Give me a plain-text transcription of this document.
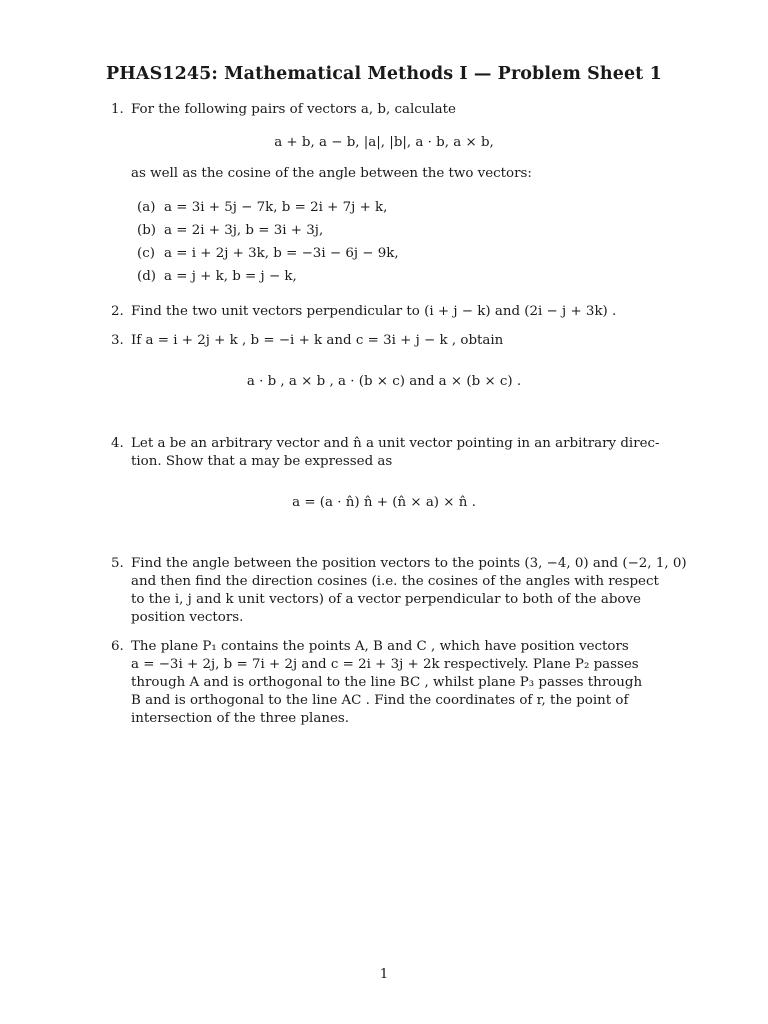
PHAS1245: Mathematical Methods I — Problem Sheet 1
1. For the following pairs of vectors a, b, calculate
a + b, a − b, |a|, |b|, a · b, a × b,
as well as the cosine of the angle between the two vectors:
(a) a = 3i + 5j − 7k, b = 2i + 7j + k,
(b) a = 2i + 3j, b = 3i + 3j,
(c) a = i + 2j + 3k, b = −3i − 6j − 9k,
(d) a = j + k, b = j − k,
2. Find the two unit vectors perpendicular to (i + j − k) and (2i − j + 3k) .
3. If a = i + 2j + k , b = −i + k and c = 3i + j − k , obtain
a · b , a × b , a · (b × c) and a × (b × c) .
4. Let a be an arbitrary vector and n̂ a unit vector pointing in an arbitrary direc-
tion. Show that a may be expressed as
a = (a · n̂) n̂ + (n̂ × a) × n̂ .
5. Find the angle between the position vectors to the points (3, −4, 0) and (−2, 1, 0)
and then find the direction cosines (i.e. the cosines of the angles with respect
to the i, j and k unit vectors) of a vector perpendicular to both of the above
position vectors.
6. The plane P₁ contains the points A, B and C , which have position vectors
a = −3i + 2j, b = 7i + 2j and c = 2i + 3j + 2k respectively. Plane P₂ passes
through A and is orthogonal to the line BC , whilst plane P₃ passes through
B and is orthogonal to the line AC . Find the coordinates of r, the point of
intersection of the three planes.
1
